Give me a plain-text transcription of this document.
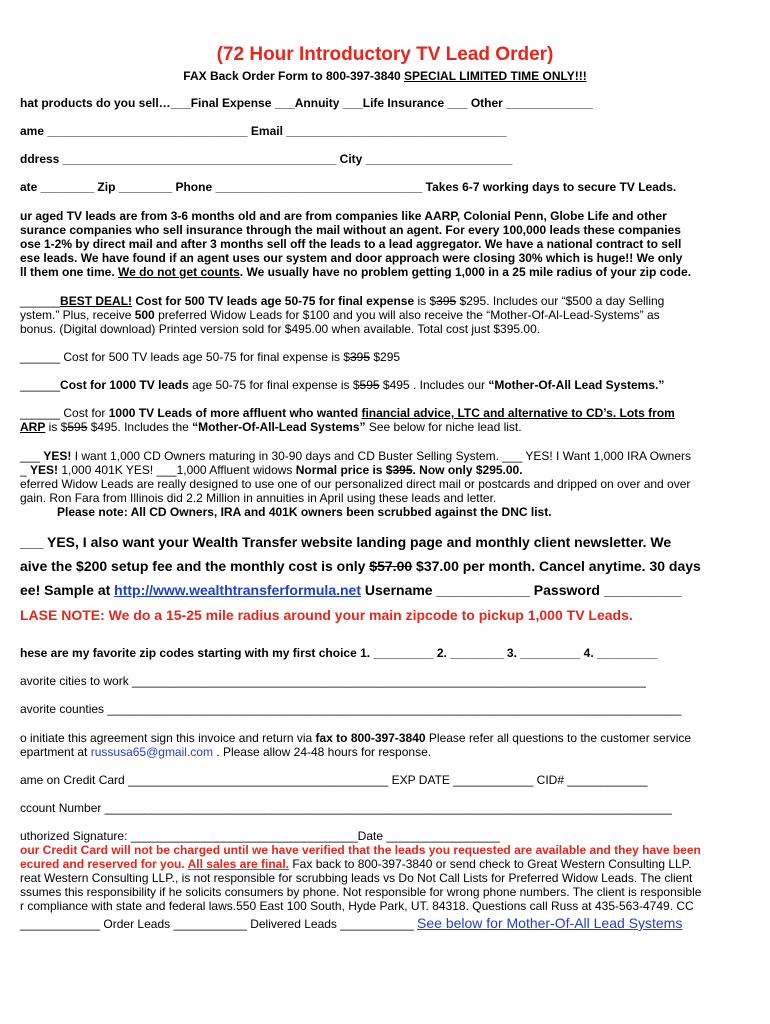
(72 Hour Introductory TV Lead Order)
FAX Back Order Form to 800-397-3840 SPECIAL LIMITED TIME ONLY!!!
hat products do you sell…___Final Expense ___Annuity ___Life Insurance ___ Other _____________
ame ______________________________ Email _________________________________
ddress _________________________________________ City ______________________
ate ________ Zip ________ Phone _______________________________ Takes 6-7 working days to secure TV Leads.
ur aged TV leads are from 3-6 months old and are from companies like AARP, Colonial Penn, Globe Life and other
surance companies who sell insurance through the mail without an agent. For every 100,000 leads these companies
ose 1-2% by direct mail and after 3 months sell off the leads to a lead aggregator. We have a national contract to sell
ese leads. We have found if an agent uses our system and door approach were closing 30% which is huge!! We only
ll them one time. We do not get counts. We usually have no problem getting 1,000 in a 25 mile radius of your zip code.
______BEST DEAL! Cost for 500 TV leads age 50-75 for final expense is $395 $295. Includes our “$500 a day Selling
ystem.” Plus, receive 500 preferred Widow Leads for $100 and you will also receive the “Mother-Of-Al-Lead-Systems” as
bonus. (Digital download) Printed version sold for $495.00 when available. Total cost just $395.00.
______ Cost for 500 TV leads age 50-75 for final expense is $395 $295
______Cost for 1000 TV leads age 50-75 for final expense is $595 $495 . Includes our “Mother-Of-All Lead Systems.”
______ Cost for 1000 TV Leads of more affluent who wanted financial advice, LTC and alternative to CD’s. Lots from
ARP is $595 $495. Includes the “Mother-Of-All-Lead Systems” See below for niche lead list.
___ YES! I want 1,000 CD Owners maturing in 30-90 days and CD Buster Selling System. ___ YES! I Want 1,000 IRA Owners
_ YES! 1,000 401K YES! ___1,000 Affluent widows Normal price is $395. Now only $295.00.
eferred Widow Leads are really designed to use one of our personalized direct mail or postcards and dripped on over and over
gain. Ron Fara from Illinois did 2.2 Million in annuities in April using these leads and letter.
Please note: All CD Owners, IRA and 401K owners been scrubbed against the DNC list.
___ YES, I also want your Wealth Transfer website landing page and monthly client newsletter. We
aive the $200 setup fee and the monthly cost is only $57.00 $37.00 per month. Cancel anytime. 30 days
ee! Sample at http://www.wealthtransferformula.net Username ____________ Password __________
LASE NOTE: We do a 15-25 mile radius around your main zipcode to pickup 1,000 TV Leads.
hese are my favorite zip codes starting with my first choice 1. _________ 2. ________ 3. _________ 4. _________
avorite cities to work _____________________________________________________________________________
avorite counties ______________________________________________________________________________________
o initiate this agreement sign this invoice and return via fax to 800-397-3840 Please refer all questions to the customer service
epartment at russusa65@gmail.com . Please allow 24-48 hours for response.
ame on Credit Card _______________________________________ EXP DATE ____________ CID# ____________
ccount Number _____________________________________________________________________________________
uthorized Signature: __________________________________Date _________________
our Credit Card will not be charged until we have verified that the leads you requested are available and they have been
ecured and reserved for you. All sales are final. Fax back to 800-397-3840 or send check to Great Western Consulting LLP.
reat Western Consulting LLP., is not responsible for scrubbing leads vs Do Not Call Lists for Preferred Widow Leads. The client
ssumes this responsibility if he solicits consumers by phone. Not responsible for wrong phone numbers. The client is responsible
r compliance with state and federal laws.550 East 100 South, Hyde Park, UT. 84318. Questions call Russ at 435-563-4749. CC
____________ Order Leads ___________ Delivered Leads ___________ See below for Mother-Of-All Lead Systems
